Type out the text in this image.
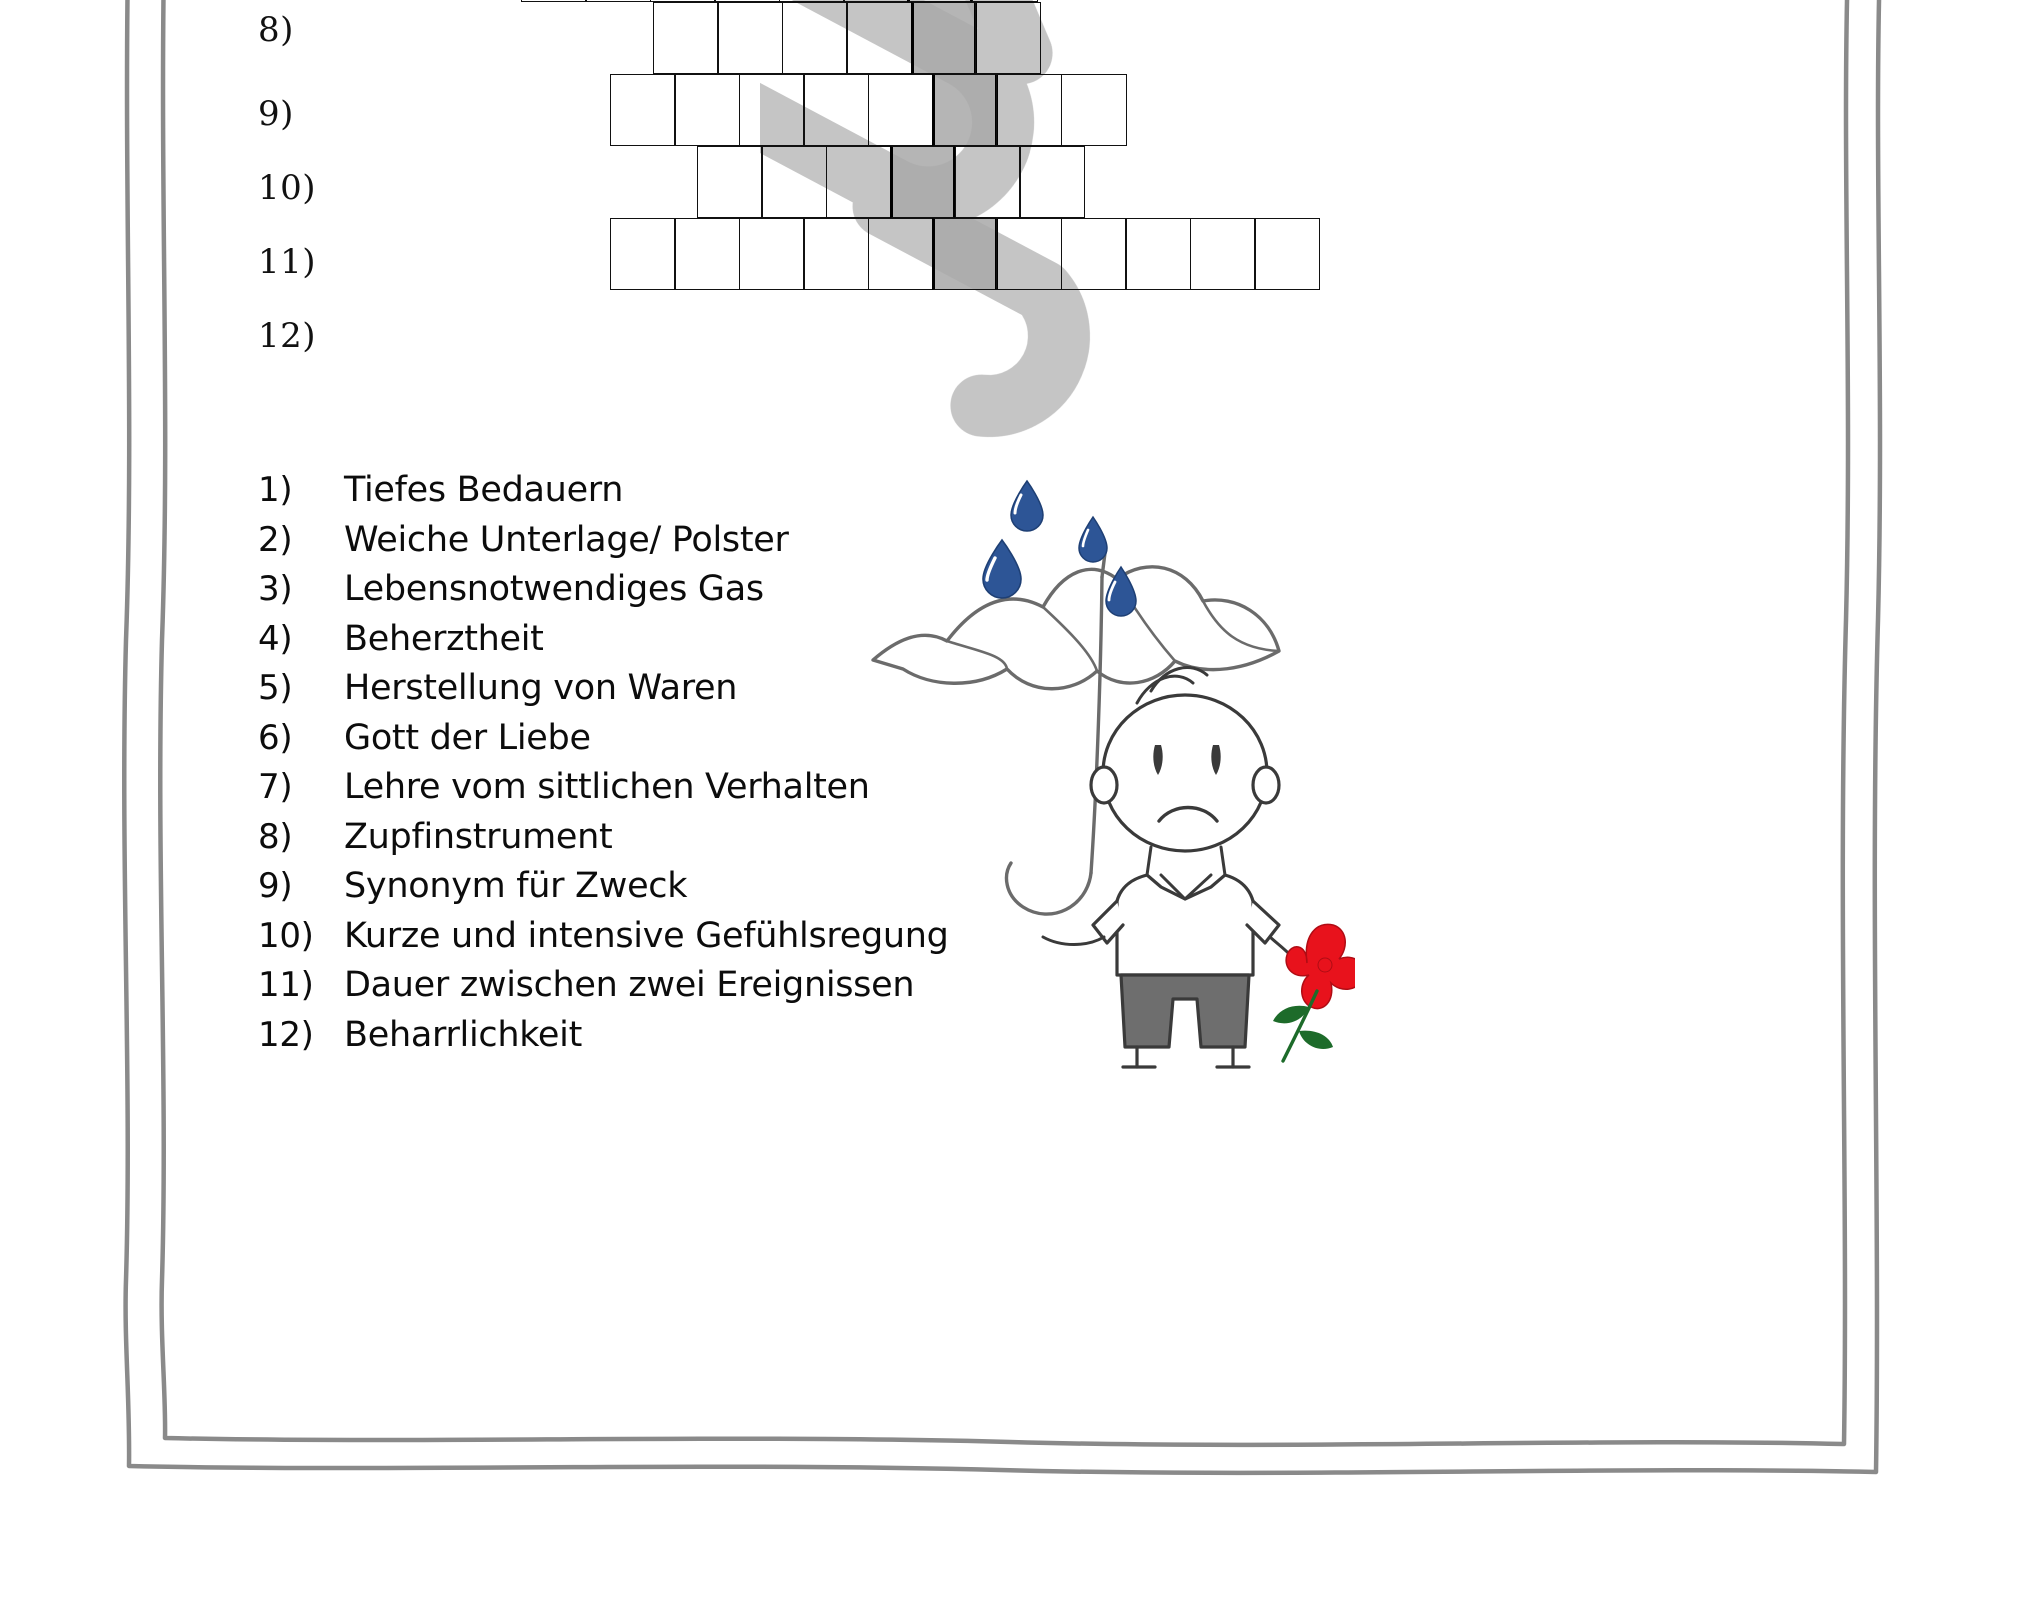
8)
9)
10)
11)
12)
1)	Tiefes Bedauern
2)	Weiche Unterlage/ Polster
3)	Lebensnotwendiges Gas
4)	Beherztheit
5)	Herstellung von Waren
6)	Gott der Liebe
7)	Lehre vom sittlichen Verhalten
8)	Zupfinstrument
9)	Synonym für Zweck
10) Kurze und intensive Gefühlsregung
11) Dauer zwischen zwei Ereignissen
12) Beharrlichkeit
